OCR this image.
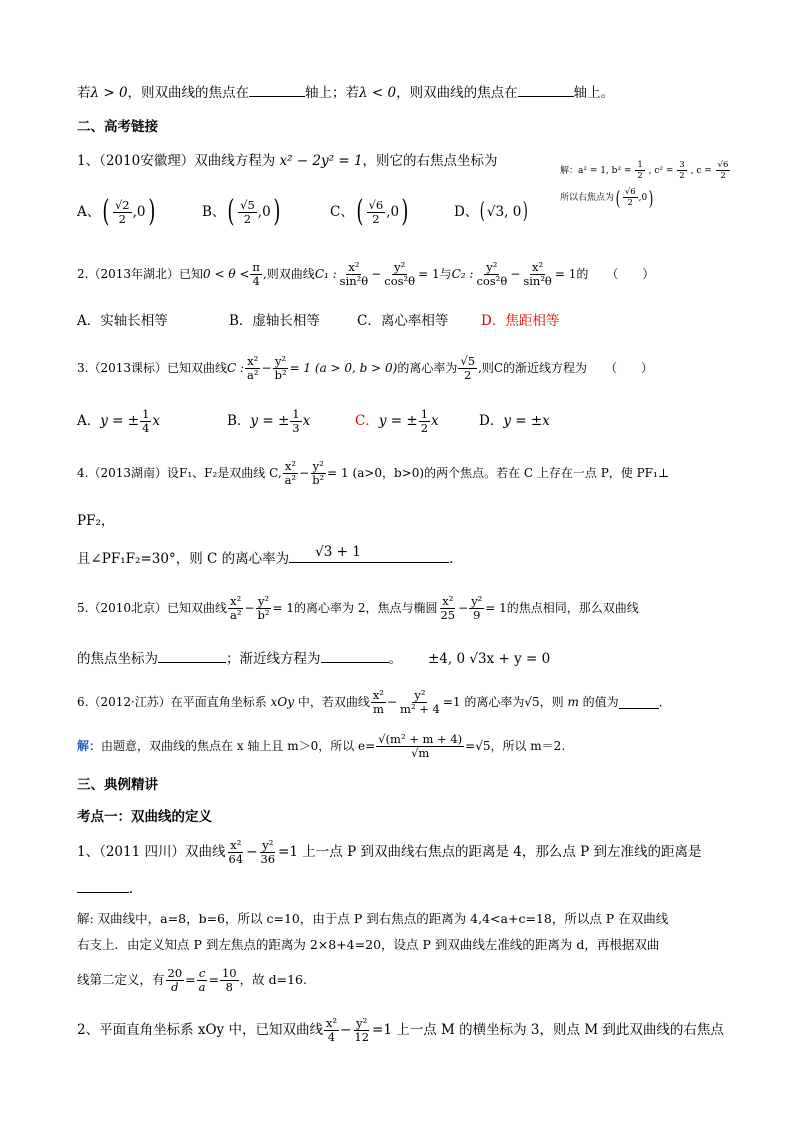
若λ > 0，则双曲线的焦点在	轴上；若λ < 0，则双曲线的焦点在	轴上。
二、高考链接
1、（2010安徽理）双曲线方程为 x² − 2y² = 1，则它的右焦点坐标为
A、 ( $\frac{√2}{2} ,0$ )	B、 ( $\frac{√5}{2} ,0$ )	C、 ( $\frac{√6}{2} ,0$ )	D、 ( √3, 0 )
解：a² = 1, $b^2 = \frac{1}{2}$ , $c^2 = \frac{3}{2}$ , $c = \frac{√6}{2}$
所以右焦点为 ( $\frac{√6}{2} ,0$ )
2.（2013年湖北）已知 $0 < \theta < \frac{\pi}{4}$ ,则双曲线 C₁ : $\frac{\text{x²}}{\text{sin²θ}} - \frac{\text{y²}}{\text{cos²θ}} = 1$与 C₂ : $\frac{\text{y²}}{\text{cos²θ}} - \frac{\text{x²}}{\text{sin²θ}} = 1$的 （　　）
A．实轴长相等	B．虚轴长相等	C．离心率相等 D．焦距相等
3.（2013课标）已知双曲线 C : $\frac{\text{x²}}{\text{a²}} - \frac{\text{y²}}{\text{b²}} = 1$ (a > 0, b > 0) 的离心率为 $\frac{√5}{2}$ ,则C的渐近线方程为 （　　）
A． y = ± $\frac{1}{4}$ x	B． y = ± $\frac{1}{3}$ x	C． y = ± $\frac{1}{2}$ x	D． y = ±x
4.（2013湖南）设F₁、F₂是双曲线 C, $\frac{\text{x²}}{\text{a²}} - \frac{\text{y²}}{\text{b²}} = 1$
(a>0，b>0)的两个焦点。若在 C 上存在一点 P，使 PF₁⊥
PF₂，
且∠PF₁F₂=30°，则 C 的离心率为 √3 + 1	.
5.（2010北京）已知双曲线 $\frac{\text{x²}}{\text{a²}} - \frac{\text{y²}}{\text{b²}} = 1$的离心率为 2，焦点与椭圆 $\frac{\text{x²}}{25} - \frac{\text{y²}}{9} = 1$的焦点相同，那么双曲线
的焦点坐标为	；渐近线方程为	。 ±4, 0 √3x + y = 0
6.（2012·江苏）在平面直角坐标系
xOy
中，若双曲线 $\frac{\text{x²}}{m} - \frac{\text{y²}}{\text{m² + 4}} =1$ 的离心率为√5，则
m
的值为	．
解： 由题意，双曲线的焦点在 x 轴上且 m＞0，所以 $e= \frac{\text{√(m² + m + 4)}}{√m} =√5$，所以 m＝2.
三、典例精讲
考点一：双曲线的定义
1、（2011 四川）双曲线 $\frac{\text{x²}}{64} - \frac{\text{y²}}{36} =1$ 上一点 P 到双曲线右焦点的距离是 4，那么点 P 到左准线的距离是
．
解: 双曲线中，a=8，b=6，所以 c=10，由于点 P 到右焦点的距离为 4,4<a+c=18，所以点 P 在双曲线
右支上．由定义知点 P 到左焦点的距离为 2×8+4=20，设点 P 到双曲线左准线的距离为 d，再根据双曲
线第二定义，有 $\frac{20}{d} = \frac{c}{a} = \frac{10}{8}$ ，故 d=16.
2、平面直角坐标系 xOy 中，已知双曲线 $\frac{\text{x²}}{4} - \frac{\text{y²}}{12} =1$ 上一点 M 的横坐标为 3，则点 M 到此双曲线的右焦点
